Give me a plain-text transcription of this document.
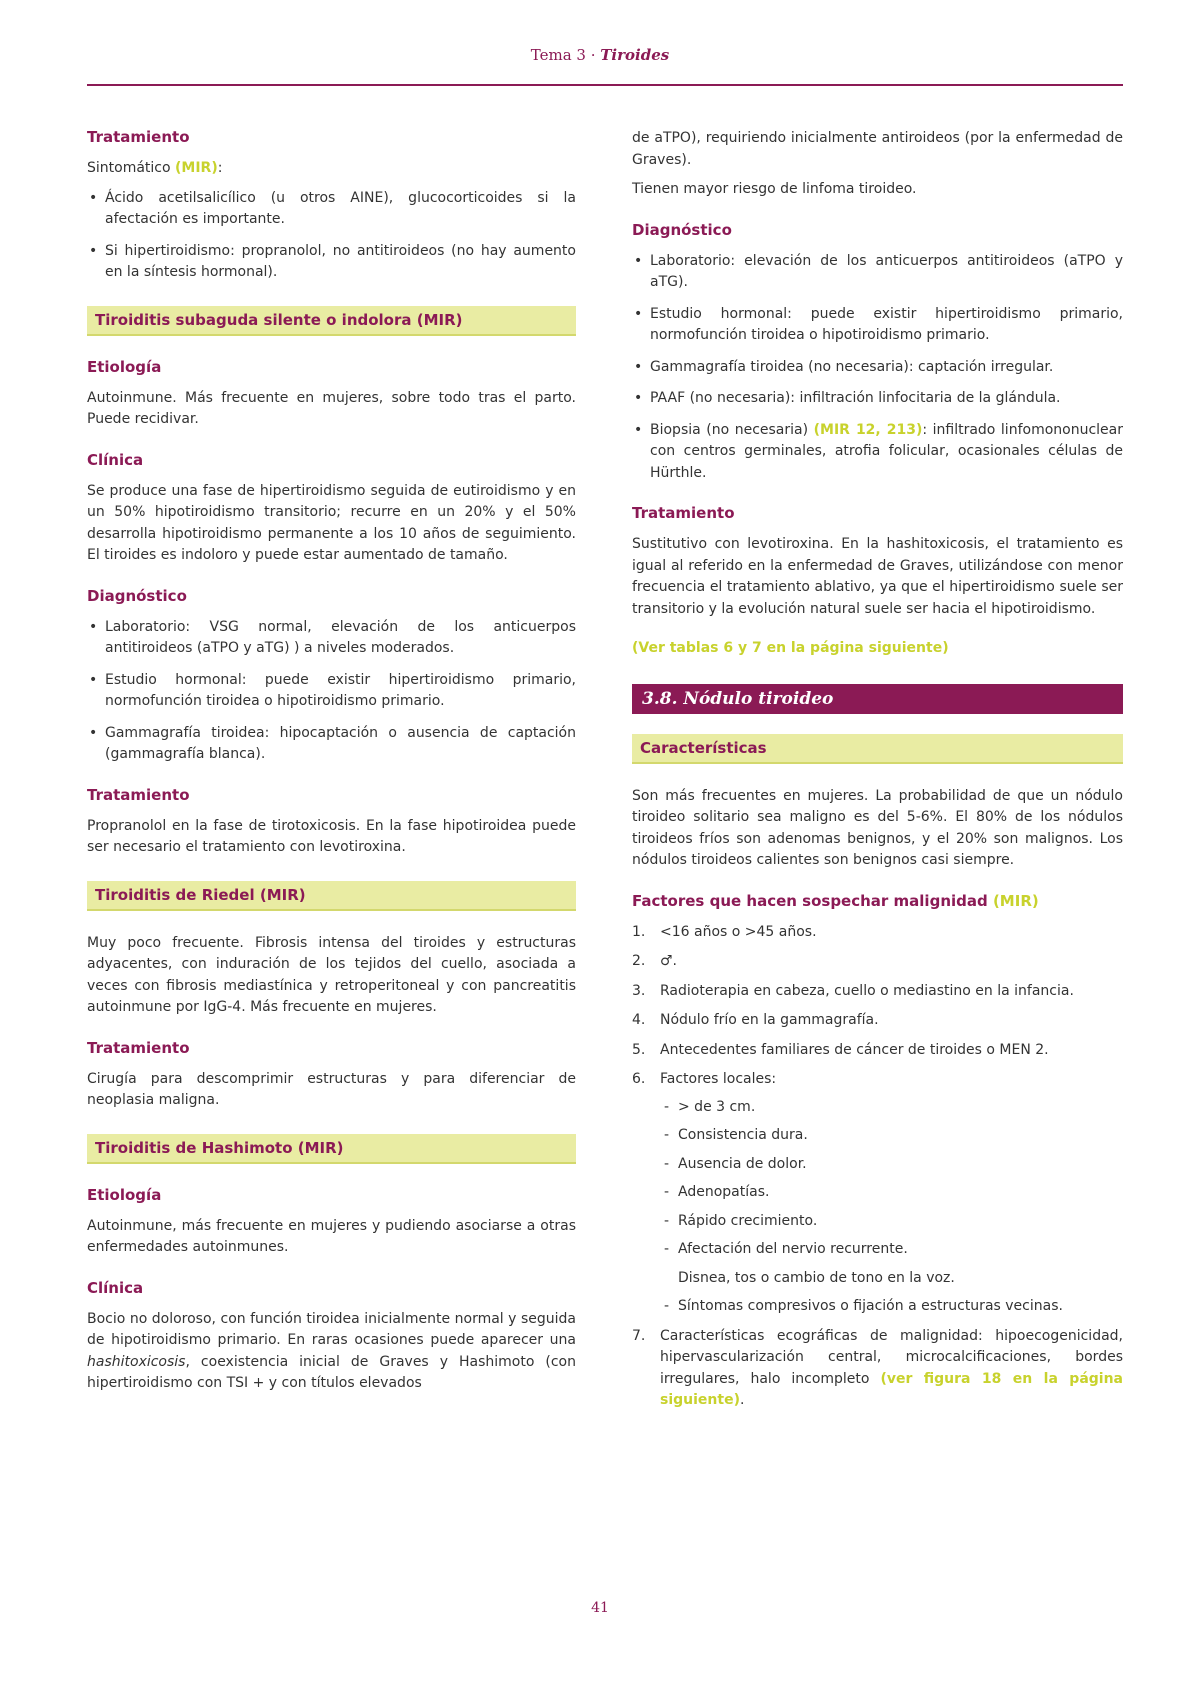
Tema 3 · Tiroides
Tratamiento

Sintomático (MIR):

• Ácido acetilsalicílico (u otros AINE), glucocorticoides si la afectación es importante.
• Si hipertiroidismo: propranolol, no antitiroideos (no hay aumento en la síntesis hormonal).
Tiroiditis subaguda silente o indolora (MIR)
Etiología

Autoinmune. Más frecuente en mujeres, sobre todo tras el parto. Puede recidivar.

Clínica

Se produce una fase de hipertiroidismo seguida de eutiroidismo y en un 50% hipotiroidismo transitorio; recurre en un 20% y el 50% desarrolla hipotiroidismo permanente a los 10 años de seguimiento. El tiroides es indoloro y puede estar aumentado de tamaño.

Diagnóstico
• Laboratorio: VSG normal, elevación de los anticuerpos antitiroideos (aTPO y aTG) ) a niveles moderados.
• Estudio hormonal: puede existir hipertiroidismo primario, normofunción tiroidea o hipotiroidismo primario.
• Gammagrafía tiroidea: hipocaptación o ausencia de captación (gammagrafía blanca).
Tratamiento

Propranolol en la fase de tirotoxicosis. En la fase hipotiroidea puede ser necesario el tratamiento con levotiroxina.

Tiroiditis de Riedel (MIR)

Muy poco frecuente. Fibrosis intensa del tiroides y estructuras adyacentes, con induración de los tejidos del cuello, asociada a veces con fibrosis mediastínica y retroperitoneal y con pancreatitis autoinmune por IgG-4. Más frecuente en mujeres.

Tratamiento

Cirugía para descomprimir estructuras y para diferenciar de neoplasia maligna.

Tiroiditis de Hashimoto (MIR)
Etiología

Autoinmune, más frecuente en mujeres y pudiendo asociarse a otras enfermedades autoinmunes.

Clínica

Bocio no doloroso, con función tiroidea inicialmente normal y seguida de hipotiroidismo primario. En raras ocasiones puede aparecer una hashitoxicosis, coexistencia inicial de Graves y Hashimoto (con hipertiroidismo con TSI + y con títulos elevados

de aTPO), requiriendo inicialmente antiroideos (por la enfermedad de Graves).

Tienen mayor riesgo de linfoma tiroideo.

Diagnóstico
• Laboratorio: elevación de los anticuerpos antitiroideos (aTPO y aTG).
• Estudio hormonal: puede existir hipertiroidismo primario, normofunción tiroidea o hipotiroidismo primario.
• Gammagrafía tiroidea (no necesaria): captación irregular.
• PAAF (no necesaria): infiltración linfocitaria de la glándula.
• Biopsia (no necesaria) (MIR 12, 213): infiltrado linfomononuclear con centros germinales, atrofia folicular, ocasionales células de Hürthle.
Tratamiento

Sustitutivo con levotiroxina. En la hashitoxicosis, el tratamiento es igual al referido en la enfermedad de Graves, utilizándose con menor frecuencia el tratamiento ablativo, ya que el hipertiroidismo suele ser transitorio y la evolución natural suele ser hacia el hipotiroidismo.

(Ver tablas 6 y 7 en la página siguiente)

3.8. Nódulo tiroideo
Características

Son más frecuentes en mujeres. La probabilidad de que un nódulo tiroideo solitario sea maligno es del 5-6%. El 80% de los nódulos tiroideos fríos son adenomas benignos, y el 20% son malignos. Los nódulos tiroideos calientes son benignos casi siempre.

Factores que hacen sospechar malignidad (MIR)
1. <16 años o >45 años.
2. ♂.
3. Radioterapia en cabeza, cuello o mediastino en la infancia.
4. Nódulo frío en la gammagrafía.
5. Antecedentes familiares de cáncer de tiroides o MEN 2.
6. Factores locales:
- > de 3 cm.
- Consistencia dura.
- Ausencia de dolor.
- Adenopatías.
- Rápido crecimiento.
- Afectación del nervio recurrente.
Disnea, tos o cambio de tono en la voz.
- Síntomas compresivos o fijación a estructuras vecinas.
7. Características ecográficas de malignidad: hipoecogenicidad, hipervascularización central, microcalcificaciones, bordes irregulares, halo incompleto (ver figura 18 en la página siguiente).
41
